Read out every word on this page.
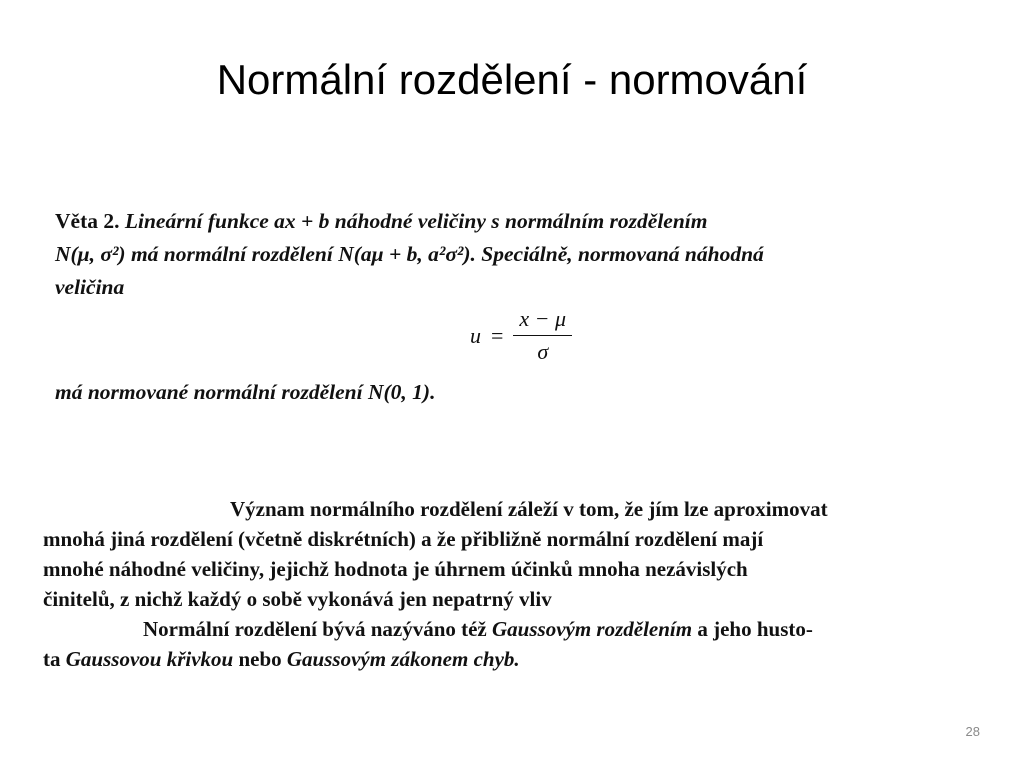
Normální rozdělení - normování
Věta 2. Lineární funkce ax + b náhodné veličiny s normálním rozdělením
N(μ, σ²) má normální rozdělení N(aμ + b, a²σ²). Speciálně, normovaná náhodná
veličina
$u = \frac{x - \mu}{\sigma}$
má normované normální rozdělení N(0, 1).
Význam normálního rozdělení záleží v tom, že jím lze aproximovat
mnohá jiná rozdělení (včetně diskrétních) a že přibližně normální rozdělení mají
mnohé náhodné veličiny, jejichž hodnota je úhrnem účinků mnoha nezávislých
činitelů, z nichž každý o sobě vykonává jen nepatrný vliv
Normální rozdělení bývá nazýváno též Gaussovým rozdělením a jeho husto-
ta Gaussovou křivkou nebo Gaussovým zákonem chyb.
28
